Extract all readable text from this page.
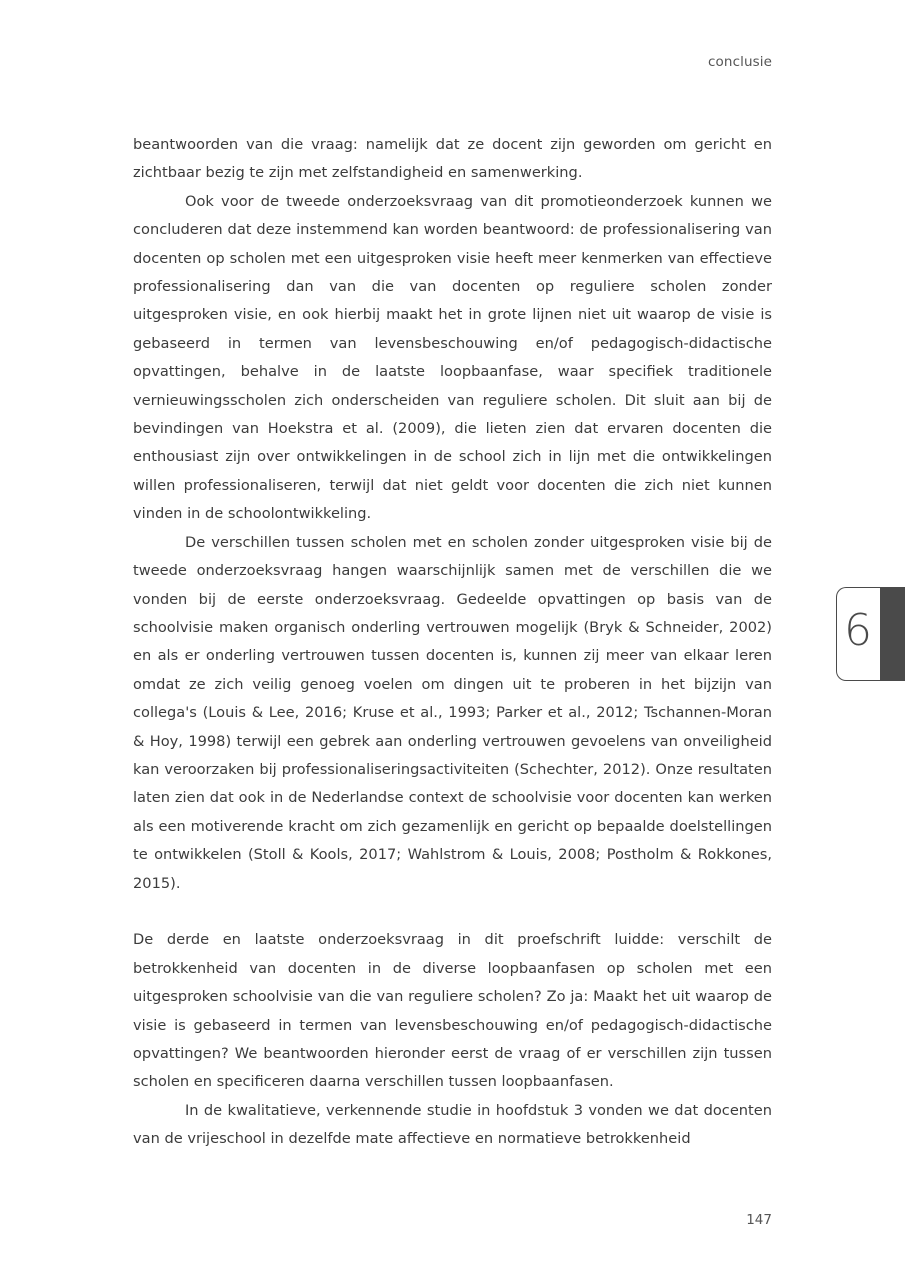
conclusie

beantwoorden van die vraag: namelijk dat ze docent zijn geworden om gericht en zichtbaar bezig te zijn met zelfstandigheid en samenwerking.

Ook voor de tweede onderzoeksvraag van dit promotieonderzoek kunnen we concluderen dat deze instemmend kan worden beantwoord: de professionalisering van docenten op scholen met een uitgesproken visie heeft meer kenmerken van effectieve professionalisering dan van die van docenten op reguliere scholen zonder uitgesproken visie, en ook hierbij maakt het in grote lijnen niet uit waarop de visie is gebaseerd in termen van levensbeschouwing en/of pedagogisch-didactische opvattingen, behalve in de laatste loopbaanfase, waar specifiek traditionele vernieuwingsscholen zich onderscheiden van reguliere scholen. Dit sluit aan bij de bevindingen van Hoekstra et al. (2009), die lieten zien dat ervaren docenten die enthousiast zijn over ontwikkelingen in de school zich in lijn met die ontwikkelingen willen professionaliseren, terwijl dat niet geldt voor docenten die zich niet kunnen vinden in de schoolontwikkeling.

De verschillen tussen scholen met en scholen zonder uitgesproken visie bij de tweede onderzoeksvraag hangen waarschijnlijk samen met de verschillen die we vonden bij de eerste onderzoeksvraag. Gedeelde opvattingen op basis van de schoolvisie maken organisch onderling vertrouwen mogelijk (Bryk & Schneider, 2002) en als er onderling vertrouwen tussen docenten is, kunnen zij meer van elkaar leren omdat ze zich veilig genoeg voelen om dingen uit te proberen in het bijzijn van collega's (Louis & Lee, 2016; Kruse et al., 1993; Parker et al., 2012; Tschannen-Moran & Hoy, 1998) terwijl een gebrek aan onderling vertrouwen gevoelens van onveiligheid kan veroorzaken bij professionaliseringsactiviteiten (Schechter, 2012). Onze resultaten laten zien dat ook in de Nederlandse context de schoolvisie voor docenten kan werken als een motiverende kracht om zich gezamenlijk en gericht op bepaalde doelstellingen te ontwikkelen (Stoll & Kools, 2017; Wahlstrom & Louis, 2008; Postholm & Rokkones, 2015).

De derde en laatste onderzoeksvraag in dit proefschrift luidde: verschilt de betrokkenheid van docenten in de diverse loopbaanfasen op scholen met een uitgesproken schoolvisie van die van reguliere scholen? Zo ja: Maakt het uit waarop de visie is gebaseerd in termen van levensbeschouwing en/of pedagogisch-didactische opvattingen? We beantwoorden hieronder eerst de vraag of er verschillen zijn tussen scholen en specificeren daarna verschillen tussen loopbaanfasen.

In de kwalitatieve, verkennende studie in hoofdstuk 3 vonden we dat docenten van de vrijeschool in dezelfde mate affectieve en normatieve betrokkenheid

6
147
